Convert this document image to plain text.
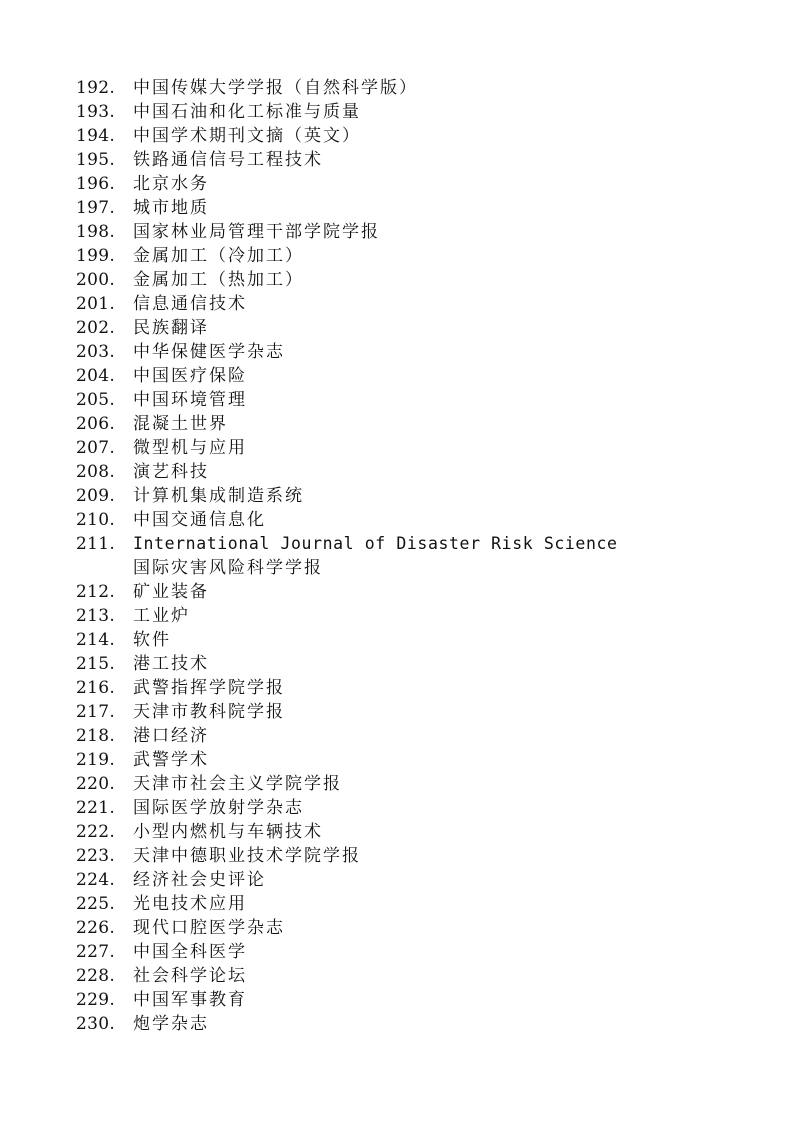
192.	中国传媒大学学报（自然科学版）
193.	中国石油和化工标准与质量
194.	中国学术期刊文摘（英文）
195.	铁路通信信号工程技术
196.	北京水务
197.	城市地质
198.	国家林业局管理干部学院学报
199.	金属加工（冷加工）
200.	金属加工（热加工）
201.	信息通信技术
202.	民族翻译
203.	中华保健医学杂志
204.	中国医疗保险
205.	中国环境管理
206.	混凝土世界
207.	微型机与应用
208.	演艺科技
209.	计算机集成制造系统
210.	中国交通信息化
211.	International Journal of Disaster Risk Science
国际灾害风险科学学报
212.	矿业装备
213.	工业炉
214.	软件
215.	港工技术
216.	武警指挥学院学报
217.	天津市教科院学报
218.	港口经济
219.	武警学术
220.	天津市社会主义学院学报
221.	国际医学放射学杂志
222.	小型内燃机与车辆技术
223.	天津中德职业技术学院学报
224.	经济社会史评论
225.	光电技术应用
226.	现代口腔医学杂志
227.	中国全科医学
228.	社会科学论坛
229.	中国军事教育
230.	炮学杂志
